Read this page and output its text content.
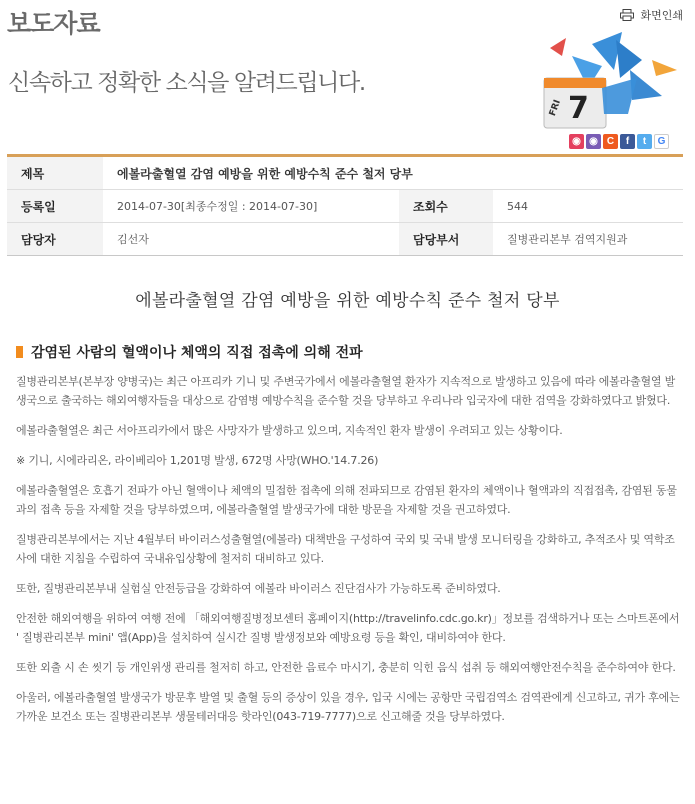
보도자료
신속하고 정확한 소식을 알려드립니다.
화면인쇄
FRI 7
◉ ◉ C	f	t	G
제목	에볼라출혈열 감염 예방을 위한 예방수칙 준수 철저 당부
등록일	2014-07-30[최종수정일 : 2014-07-30]	조회수	544
담당자	김선자	담당부서	질병관리본부 검역지원과
에볼라출혈열 감염 예방을 위한 예방수칙 준수 철저 당부
감염된 사람의 혈액이나 체액의 직접 접촉에 의해 전파

질병관리본부(본부장 양병국)는 최근 아프리카 기니 및 주변국가에서 에볼라출혈열 환자가 지속적으로 발생하고 있음에 따라 에볼라출혈열 발생국으로 출국하는 해외여행자들을 대상으로 감염병 예방수칙을 준수할 것을 당부하고 우리나라 입국자에 대한 검역을 강화하였다고 밝혔다.

에볼라출혈열은 최근 서아프리카에서 많은 사망자가 발생하고 있으며, 지속적인 환자 발생이 우려되고 있는 상황이다.

※ 기니, 시에라리온, 라이베리아 1,201명 발생, 672명 사망(WHO.'14.7.26)

에볼라출혈열은 호흡기 전파가 아닌 혈액이나 체액의 밀접한 접촉에 의해 전파되므로 감염된 환자의 체액이나 혈액과의 직접접촉, 감염된 동물과의 접촉 등을 자제할 것을 당부하였으며, 에볼라출혈열 발생국가에 대한 방문을 자제할 것을 권고하였다.

질병관리본부에서는 지난 4월부터 바이러스성출혈열(에볼라) 대책반을 구성하여 국외 및 국내 발생 모니터링을 강화하고, 추적조사 및 역학조사에 대한 지침을 수립하여 국내유입상황에 철저히 대비하고 있다.

또한, 질병관리본부내 실험실 안전등급을 강화하여 에볼라 바이러스 진단검사가 가능하도록 준비하였다.

안전한 해외여행을 위하여 여행 전에 「해외여행질병정보센터 홈페이지(http://travelinfo.cdc.go.kr)」정보를 검색하거나 또는 스마트폰에서 ' 질병관리본부 mini' 앱(App)을 설치하여 실시간 질병 발생정보와 예방요령 등을 확인, 대비하여야 한다.

또한 외출 시 손 씻기 등 개인위생 관리를 철저히 하고, 안전한 음료수 마시기, 충분히 익힌 음식 섭취 등 해외여행안전수칙을 준수하여야 한다.

아울러, 에볼라출혈열 발생국가 방문후 발열 및 출혈 등의 증상이 있을 경우, 입국 시에는 공항만 국립검역소 검역관에게 신고하고, 귀가 후에는 가까운 보건소 또는 질병관리본부 생물테러대응 핫라인(043-719-7777)으로 신고해줄 것을 당부하였다.
